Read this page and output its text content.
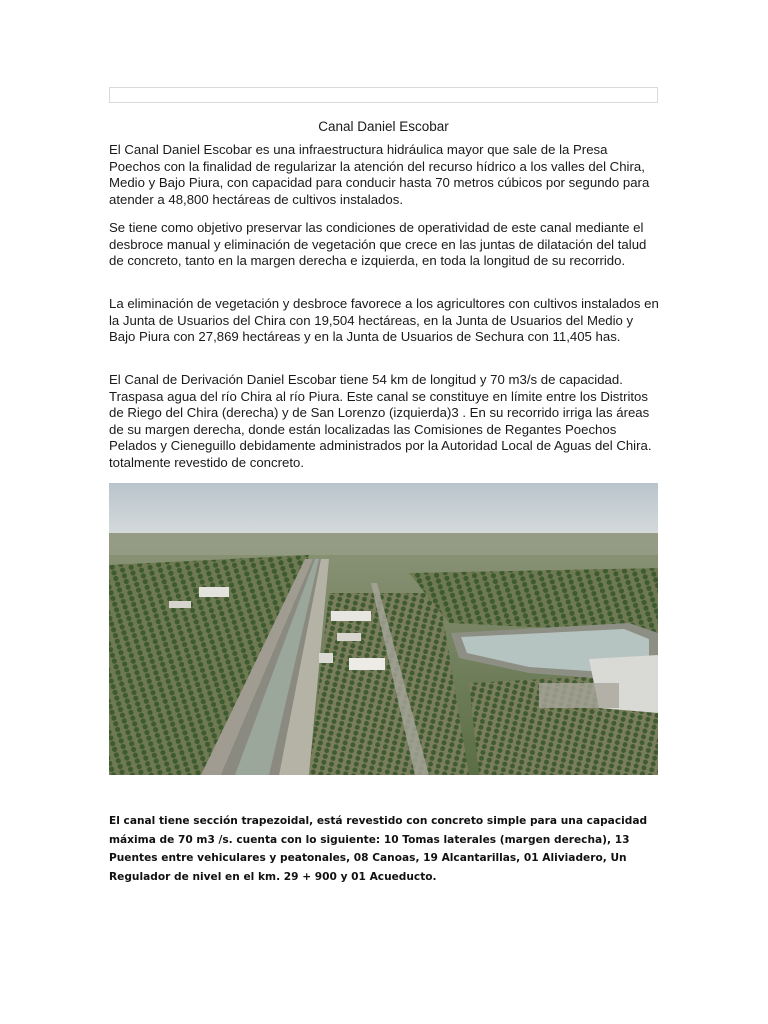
Canal Daniel Escobar

El Canal Daniel Escobar es una infraestructura hidráulica mayor que sale de la Presa Poechos con la finalidad de regularizar la atención del recurso hídrico a los valles del Chira, Medio y Bajo Piura, con capacidad para conducir hasta 70 metros cúbicos por segundo para atender a 48,800 hectáreas de cultivos instalados.

Se tiene como objetivo preservar las condiciones de operatividad de este canal mediante el desbroce manual y eliminación de vegetación que crece en las juntas de dilatación del talud de concreto, tanto en la margen derecha e izquierda, en toda la longitud de su recorrido.

La eliminación de vegetación y desbroce favorece a los agricultores con cultivos instalados en la Junta de Usuarios del Chira con 19,504 hectáreas, en la Junta de Usuarios del Medio y Bajo Piura con 27,869 hectáreas y en la Junta de Usuarios de Sechura con 11,405 has.

El Canal de Derivación Daniel Escobar tiene 54 km de longitud y 70 m3/s de capacidad. Traspasa agua del río Chira al río Piura. Este canal se constituye en límite entre los Distritos de Riego del Chira (derecha) y de San Lorenzo (izquierda)3 . En su recorrido irriga las áreas de su margen derecha, donde están localizadas las Comisiones de Regantes Poechos Pelados y Cieneguillo debidamente administrados por la Autoridad Local de Aguas del Chira. totalmente revestido de concreto.

El canal tiene sección trapezoidal, está revestido con concreto simple para una capacidad máxima de 70 m3 /s. cuenta con lo siguiente: 10 Tomas laterales (margen derecha), 13 Puentes entre vehiculares y peatonales, 08 Canoas, 19 Alcantarillas, 01 Aliviadero, Un Regulador de nivel en el km. 29 + 900 y 01 Acueducto.
